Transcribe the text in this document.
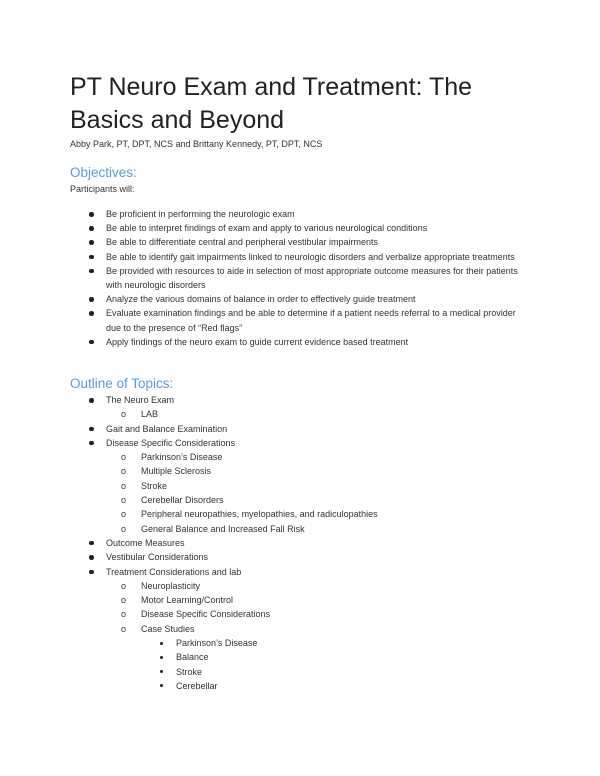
PT Neuro Exam and Treatment: The Basics and Beyond

Abby Park, PT, DPT, NCS and Brittany Kennedy, PT, DPT, NCS

Objectives:

Participants will:

Be proficient in performing the neurologic exam
Be able to interpret findings of exam and apply to various neurological conditions
Be able to differentiate central and peripheral vestibular impairments
Be able to identify gait impairments linked to neurologic disorders and verbalize appropriate treatments
Be provided with resources to aide in selection of most appropriate outcome measures for their patients with neurologic disorders
Analyze the various domains of balance in order to effectively guide treatment
Evaluate examination findings and be able to determine if a patient needs referral to a medical provider due to the presence of “Red flags”
Apply findings of the neuro exam to guide current evidence based treatment
Outline of Topics:
The Neuro Exam
o LAB
Gait and Balance Examination
Disease Specific Considerations
o Parkinson’s Disease
o Multiple Sclerosis
o Stroke
o Cerebellar Disorders
o Peripheral neuropathies, myelopathies, and radiculopathies
o General Balance and Increased Fall Risk
Outcome Measures
Vestibular Considerations
Treatment Considerations and lab
o Neuroplasticity
o Motor Learning/Control
o Disease Specific Considerations
o Case Studies
Parkinson’s Disease
Balance
Stroke
Cerebellar
